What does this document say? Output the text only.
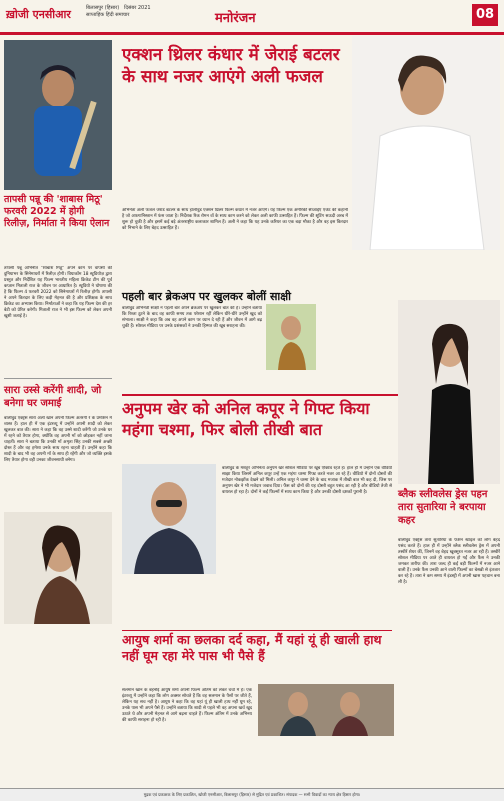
ख़ोजी एनसीआर	बिलासपुर (हिसार)   दिसंबर 2021
साप्ताहिक हिंदी समाचार	मनोरंजन	08
तापसी पन्नू की 'शाबास मिठू' फरवरी 2022 में होगी रिलीज़, निर्माता ने किया ऐलान
तापसी पन्नू अभिनीत "शाबाश मिठू" अपने काम पर वापसी की दुनियाभर के सिनेमाघरों में रिलीज़ होगी। वियाकॉम 18 स्टूडियोज़ द्वारा प्रस्तुत और निर्देशित यह फिल्म भारतीय महिला क्रिकेट टीम की पूर्व कप्तान मिताली राज के जीवन पर आधारित है। स्टूडियो ने घोषणा की है कि फिल्म 4 फरवरी 2022 को सिनेमाघरों में रिलीज़ होगी। तापसी ने अपने किरदार के लिए कड़ी मेहनत की है और प्रशिक्षक के साथ क्रिकेट का अभ्यास किया। निर्माताओं ने कहा कि यह फिल्म देश की हर बेटी को प्रेरित करेगी। मिताली राज ने भी इस फिल्म को लेकर अपनी खुशी जताई है।
सारा उस्से करेंगी शादी, जो बनेगा घर जमाई
बॉलीवुड एक्ट्रेस सारा अली खान अपनी फिल्म अतरंगी रे के प्रमोशन में व्यस्त हैं। हाल ही में एक इंटरव्यू में उन्होंने अपनी शादी को लेकर खुलकर बात की। सारा ने कहा कि वह उस्से शादी करेंगी जो उनके घर में रहने को तैयार होगा, क्योंकि वह अपनी माँ को छोड़कर नहीं जाना चाहतीं। सारा ने बताया कि उनकी माँ अमृता सिंह उनकी सबसे अच्छी दोस्त हैं और वह हमेशा उनके साथ रहना चाहती हैं। उन्होंने कहा कि शादी के बाद भी वह अपनी माँ के साथ ही रहेंगी और जो व्यक्ति इसके लिए तैयार होगा वही उनका जीवनसाथी बनेगा।
एक्शन थ्रिलर कंधार में जेराई बटलर के साथ नजर आएंगे अली फजल
अभिनेता अली फजल जेरार्ड बटलर के साथ हॉलीवुड एक्शन थ्रिलर फिल्म कंधार में नजर आएंगे। यह फिल्म एक अमेरिकी सीआईए एजेंट की कहानी है जो अफगानिस्तान में फंस जाता है। निर्देशक रिक रोमन वॉ के साथ काम करने को लेकर अली काफी उत्साहित हैं। फिल्म की शूटिंग सऊदी अरब में शुरू हो चुकी है और इसमें कई बड़े अंतरराष्ट्रीय कलाकार शामिल हैं। अली ने कहा कि यह उनके करियर का एक बड़ा मौका है और वह इस किरदार को निभाने के लिए बेहद उत्साहित हैं।
पहली बार ब्रेकअप पर खुलकर बोलीं साक्षी
बॉलीवुड अभिनेत्री साक्षी ने पहली बार अपने ब्रेकअप पर खुलकर बात की है। उन्होंने बताया कि रिश्ता टूटने के बाद वह काफी समय तक परेशान रहीं लेकिन धीरे-धीरे उन्होंने खुद को संभाला। साक्षी ने कहा कि अब वह अपने काम पर ध्यान दे रही हैं और जीवन में आगे बढ़ चुकी हैं। सोशल मीडिया पर उनके प्रशंसकों ने उनकी हिम्मत की खूब सराहना की।
अनुपम खेर को अनिल कपूर ने गिफ्ट किया महंगा चश्मा, फिर बोली तीखी बात
बॉलीवुड के मशहूर अभिनेता अनुपम खेर सोशल मीडिया पर खूब एक्टिव रहते हैं। हाल ही में उन्होंने एक वीडियो साझा किया जिसमें अनिल कपूर उन्हें एक महंगा चश्मा गिफ्ट करते नजर आ रहे हैं। वीडियो में दोनों दोस्तों की मजेदार नोकझोंक देखने को मिली। अनिल कपूर ने चश्मा देने के बाद मजाक में तीखी बात भी कह दी, जिस पर अनुपम खेर ने भी मजेदार जवाब दिया। फैंस को दोनों की यह दोस्ती बहुत पसंद आ रही है और वीडियो तेजी से वायरल हो रहा है। दोनों ने कई फिल्मों में साथ काम किया है और उनकी दोस्ती दशकों पुरानी है।	ब्लैक स्लीवलेस ड्रेस पहन तारा सुतारिया ने बरपाया कहर
बॉलीवुड एक्ट्रेस तारा सुतारिया के फैशन स्टाइल को लोग बेहद पसंद करते हैं। हाल ही में उन्होंने ब्लैक स्लीवलेस ड्रेस में अपनी तस्वीरें शेयर कीं, जिनमें वह बेहद खूबसूरत नजर आ रही हैं। तस्वीरें सोशल मीडिया पर आते ही वायरल हो गईं और फैंस ने उनकी जमकर तारीफ की। तारा जल्द ही कई बड़ी फिल्मों में नजर आने वाली हैं। उनके फैंस उनकी आने वाली फिल्मों का बेसब्री से इंतजार कर रहे हैं। तारा ने कम समय में इंडस्ट्री में अपनी खास पहचान बना ली है।
आयुष शर्मा का छलका दर्द कहा, मैं यहां यूं ही खाली हाथ नहीं घूम रहा मेरे पास भी पैसे हैं
सलमान खान के बहनोई आयुष शर्मा अपनी फिल्म अंतिम को लेकर चर्चा में हैं। एक इंटरव्यू में उन्होंने कहा कि लोग अक्सर सोचते हैं कि वह सलमान के पैसों पर जीते हैं, लेकिन यह सच नहीं है। आयुष ने कहा कि वह यहां यूं ही खाली हाथ नहीं घूम रहे, उनके पास भी अपने पैसे हैं। उन्होंने बताया कि शादी से पहले भी वह अपना खर्च खुद उठाते थे और अपनी मेहनत से आगे बढ़ना चाहते हैं। फिल्म अंतिम में उनके अभिनय की काफी सराहना हो रही है।
मुद्रक एवं प्रकाशक के लिए प्रकाशित, खोजी एनसीआर, बिलासपुर (हिसार) से मुद्रित एवं प्रकाशित। संपादक — सभी विवादों का न्याय क्षेत्र हिसार होगा।
